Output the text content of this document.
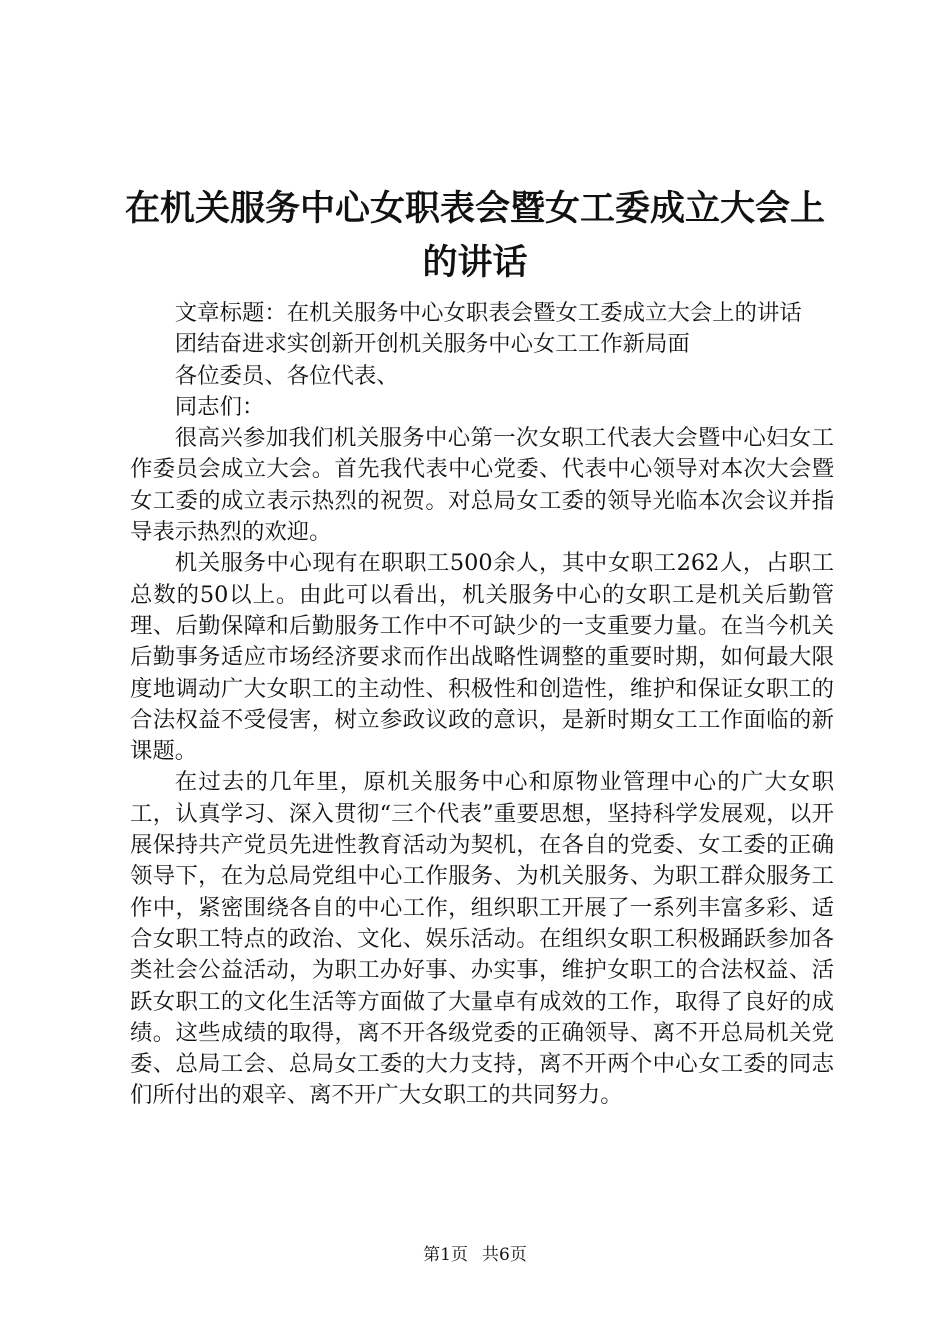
在机关服务中心女职表会暨女工委成立大会上
的讲话

文章标题：在机关服务中心女职表会暨女工委成立大会上的讲话

团结奋进求实创新开创机关服务中心女工工作新局面

各位委员、各位代表、

同志们：

很高兴参加我们机关服务中心第一次女职工代表大会暨中心妇女工作委员会成立大会。首先我代表中心党委、代表中心领导对本次大会暨女工委的成立表示热烈的祝贺。对总局女工委的领导光临本次会议并指导表示热烈的欢迎。

机关服务中心现有在职职工500余人，其中女职工262人，占职工总数的50以上。由此可以看出，机关服务中心的女职工是机关后勤管理、后勤保障和后勤服务工作中不可缺少的一支重要力量。在当今机关后勤事务适应市场经济要求而作出战略性调整的重要时期，如何最大限度地调动广大女职工的主动性、积极性和创造性，维护和保证女职工的合法权益不受侵害，树立参政议政的意识，是新时期女工工作面临的新课题。

在过去的几年里，原机关服务中心和原物业管理中心的广大女职工，认真学习、深入贯彻“三个代表”重要思想，坚持科学发展观，以开展保持共产党员先进性教育活动为契机，在各自的党委、女工委的正确领导下，在为总局党组中心工作服务、为机关服务、为职工群众服务工作中，紧密围绕各自的中心工作，组织职工开展了一系列丰富多彩、适合女职工特点的政治、文化、娱乐活动。在组织女职工积极踊跃参加各类社会公益活动，为职工办好事、办实事，维护女职工的合法权益、活跃女职工的文化生活等方面做了大量卓有成效的工作，取得了良好的成绩。这些成绩的取得，离不开各级党委的正确领导、离不开总局机关党委、总局工会、总局女工委的大力支持，离不开两个中心女工委的同志们所付出的艰辛、离不开广大女职工的共同努力。

第1页 共6页
